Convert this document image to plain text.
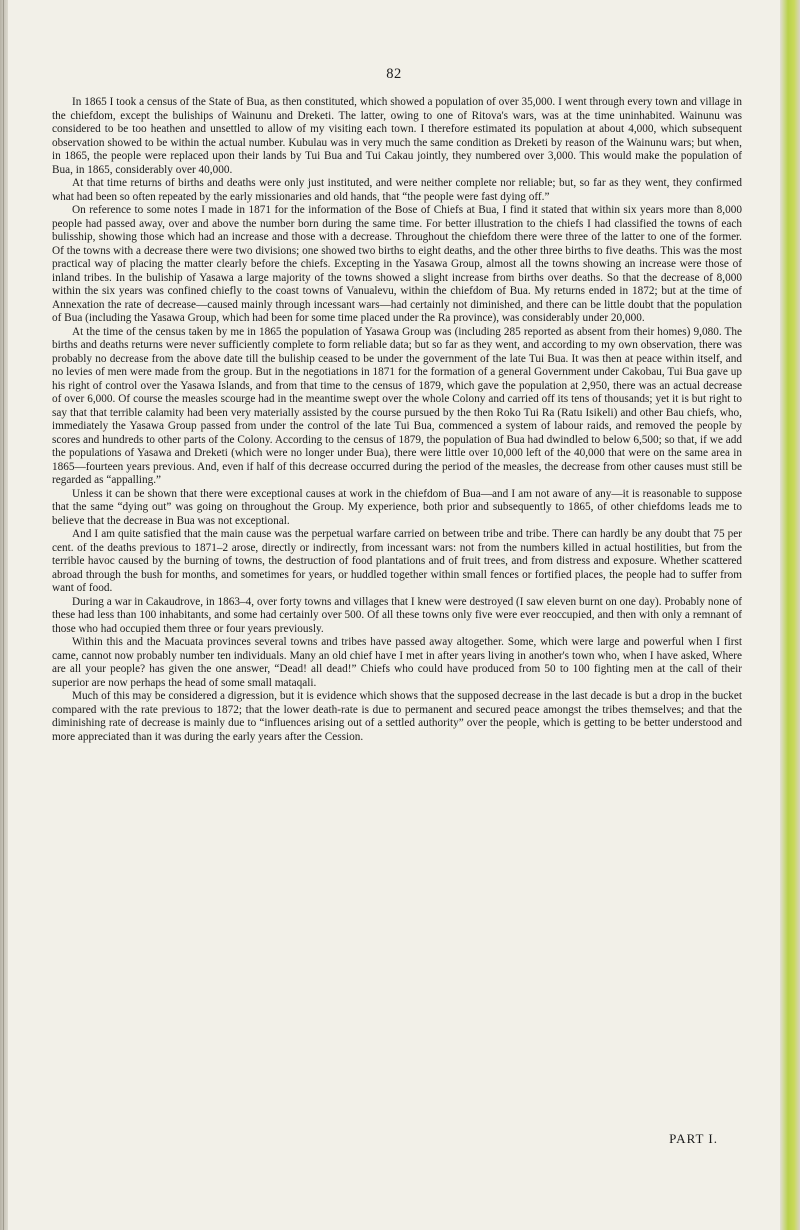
82

In 1865 I took a census of the State of Bua, as then constituted, which showed a population of over 35,000. I went through every town and village in the chiefdom, except the buliships of Wainunu and Dreketi. The latter, owing to one of Ritova's wars, was at the time uninhabited. Wainunu was considered to be too heathen and unsettled to allow of my visiting each town. I therefore estimated its population at about 4,000, which subsequent observation showed to be within the actual number. Kubulau was in very much the same condition as Dreketi by reason of the Wainunu wars; but when, in 1865, the people were replaced upon their lands by Tui Bua and Tui Cakau jointly, they numbered over 3,000. This would make the population of Bua, in 1865, considerably over 40,000.

At that time returns of births and deaths were only just instituted, and were neither complete nor reliable; but, so far as they went, they confirmed what had been so often repeated by the early missionaries and old hands, that “the people were fast dying off.”

On reference to some notes I made in 1871 for the information of the Bose of Chiefs at Bua, I find it stated that within six years more than 8,000 people had passed away, over and above the number born during the same time. For better illustration to the chiefs I had classified the towns of each bulisship, showing those which had an increase and those with a decrease. Throughout the chiefdom there were three of the latter to one of the former. Of the towns with a decrease there were two divisions; one showed two births to eight deaths, and the other three births to five deaths. This was the most practical way of placing the matter clearly before the chiefs. Excepting in the Yasawa Group, almost all the towns showing an increase were those of inland tribes. In the buliship of Yasawa a large majority of the towns showed a slight increase from births over deaths. So that the decrease of 8,000 within the six years was confined chiefly to the coast towns of Vanualevu, within the chiefdom of Bua. My returns ended in 1872; but at the time of Annexation the rate of decrease—caused mainly through incessant wars—had certainly not diminished, and there can be little doubt that the population of Bua (including the Yasawa Group, which had been for some time placed under the Ra province), was considerably under 20,000.

At the time of the census taken by me in 1865 the population of Yasawa Group was (including 285 reported as absent from their homes) 9,080. The births and deaths returns were never sufficiently complete to form reliable data; but so far as they went, and according to my own observation, there was probably no decrease from the above date till the buliship ceased to be under the government of the late Tui Bua. It was then at peace within itself, and no levies of men were made from the group. But in the negotiations in 1871 for the formation of a general Government under Cakobau, Tui Bua gave up his right of control over the Yasawa Islands, and from that time to the census of 1879, which gave the population at 2,950, there was an actual decrease of over 6,000. Of course the measles scourge had in the meantime swept over the whole Colony and carried off its tens of thousands; yet it is but right to say that that terrible calamity had been very materially assisted by the course pursued by the then Roko Tui Ra (Ratu Isikeli) and other Bau chiefs, who, immediately the Yasawa Group passed from under the control of the late Tui Bua, commenced a system of labour raids, and removed the people by scores and hundreds to other parts of the Colony. According to the census of 1879, the population of Bua had dwindled to below 6,500; so that, if we add the populations of Yasawa and Dreketi (which were no longer under Bua), there were little over 10,000 left of the 40,000 that were on the same area in 1865—fourteen years previous. And, even if half of this decrease occurred during the period of the measles, the decrease from other causes must still be regarded as “appalling.”

Unless it can be shown that there were exceptional causes at work in the chiefdom of Bua—and I am not aware of any—it is reasonable to suppose that the same “dying out” was going on throughout the Group. My experience, both prior and subsequently to 1865, of other chiefdoms leads me to believe that the decrease in Bua was not exceptional.

And I am quite satisfied that the main cause was the perpetual warfare carried on between tribe and tribe. There can hardly be any doubt that 75 per cent. of the deaths previous to 1871–2 arose, directly or indirectly, from incessant wars: not from the numbers killed in actual hostilities, but from the terrible havoc caused by the burning of towns, the destruction of food plantations and of fruit trees, and from distress and exposure. Whether scattered abroad through the bush for months, and sometimes for years, or huddled together within small fences or fortified places, the people had to suffer from want of food.

During a war in Cakaudrove, in 1863–4, over forty towns and villages that I knew were destroyed (I saw eleven burnt on one day). Probably none of these had less than 100 inhabitants, and some had certainly over 500. Of all these towns only five were ever reoccupied, and then with only a remnant of those who had occupied them three or four years previously.

Within this and the Macuata provinces several towns and tribes have passed away altogether. Some, which were large and powerful when I first came, cannot now probably number ten individuals. Many an old chief have I met in after years living in another's town who, when I have asked, Where are all your people? has given the one answer, “Dead! all dead!” Chiefs who could have produced from 50 to 100 fighting men at the call of their superior are now perhaps the head of some small mataqali.

Much of this may be considered a digression, but it is evidence which shows that the supposed decrease in the last decade is but a drop in the bucket compared with the rate previous to 1872; that the lower death-rate is due to permanent and secured peace amongst the tribes themselves; and that the diminishing rate of decrease is mainly due to “influences arising out of a settled authority” over the people, which is getting to be better understood and more appreciated than it was during the early years after the Cession.

PART I.
